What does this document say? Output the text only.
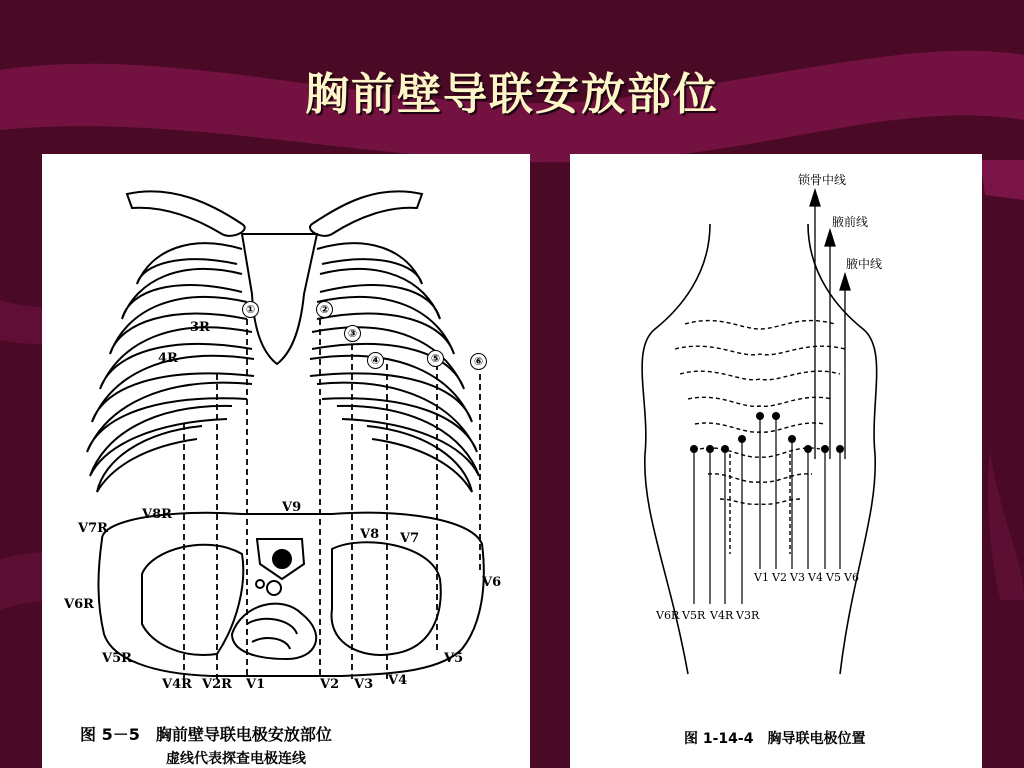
胸前壁导联安放部位
3R
4R
①	②
③
④	⑤	⑥
V9
V8R
V7R
V6R
V5R
V8 V7
V6
V5
V4R V2R V1	V2 V3 V4
图 5－5　胸前壁导联电极安放部位
虚线代表探查电极连线
锁骨中线
腋前线
腋中线
V1 V2 V3 V4 V5 V6
V6R V5R V4R V3R
图 1-14-4　胸导联电极位置
